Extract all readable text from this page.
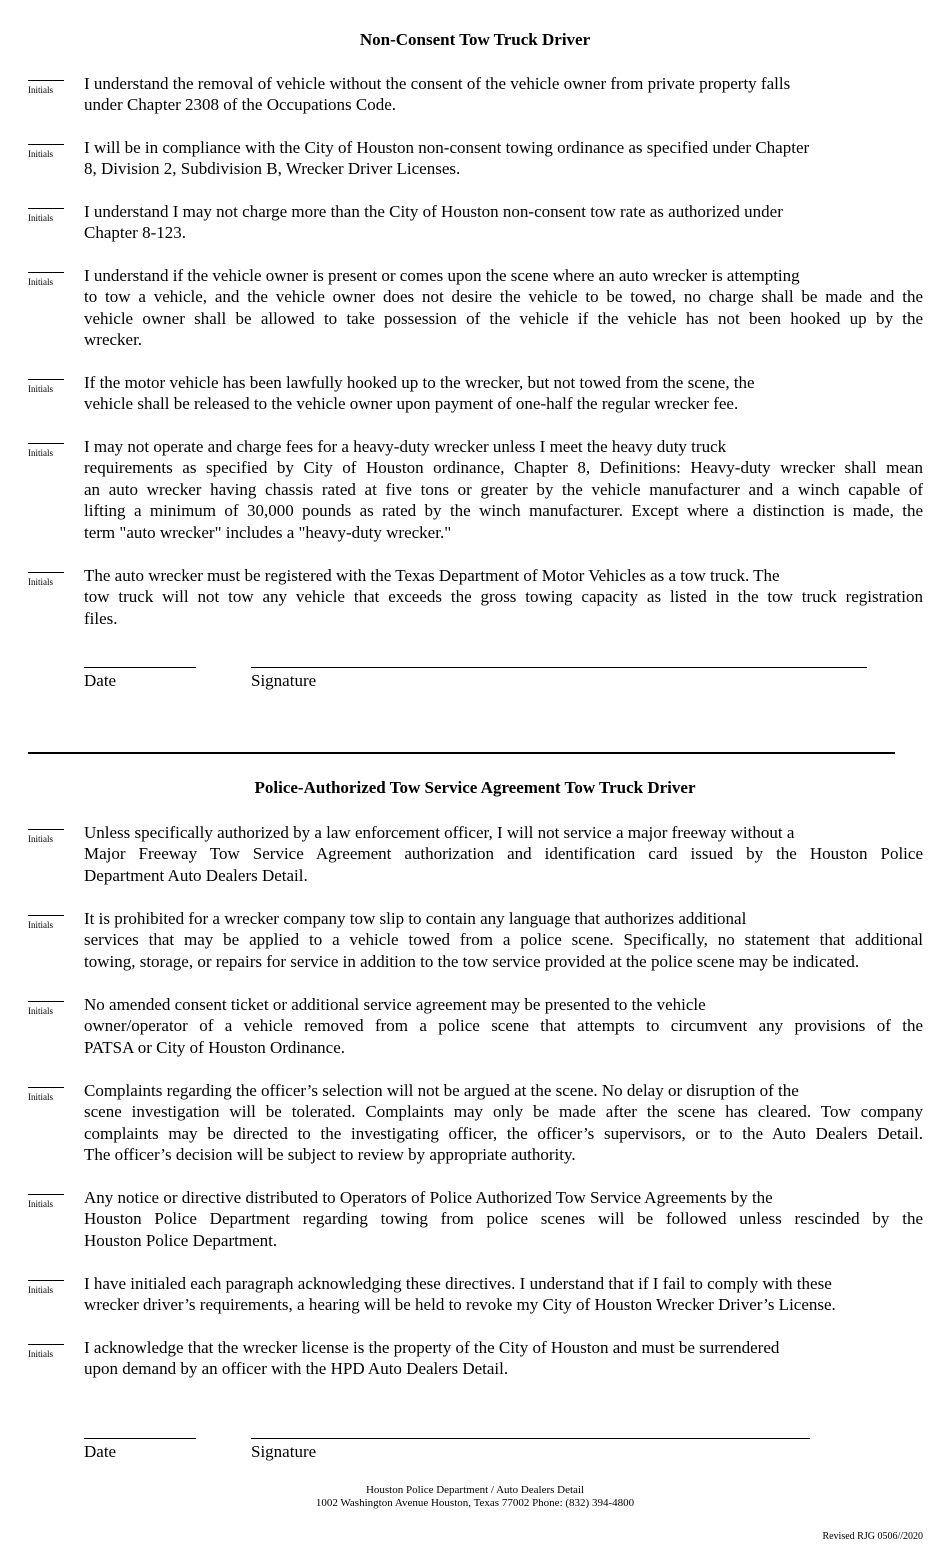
Non-Consent Tow Truck Driver
Initials I understand the removal of vehicle without the consent of the vehicle owner from private property falls
under Chapter 2308 of the Occupations Code.
Initials I will be in compliance with the City of Houston non-consent towing ordinance as specified under Chapter
8, Division 2, Subdivision B, Wrecker Driver Licenses.
Initials I understand I may not charge more than the City of Houston non-consent tow rate as authorized under
Chapter 8-123.
Initials I understand if the vehicle owner is present or comes upon the scene where an auto wrecker is attempting
to tow a vehicle, and the vehicle owner does not desire the vehicle to be towed, no charge shall be made and the
vehicle owner shall be allowed to take possession of the vehicle if the vehicle has not been hooked up by the
wrecker.
Initials If the motor vehicle has been lawfully hooked up to the wrecker, but not towed from the scene, the
vehicle shall be released to the vehicle owner upon payment of one-half the regular wrecker fee.
Initials I may not operate and charge fees for a heavy-duty wrecker unless I meet the heavy duty truck
requirements as specified by City of Houston ordinance, Chapter 8, Definitions: Heavy-duty wrecker shall mean
an auto wrecker having chassis rated at five tons or greater by the vehicle manufacturer and a winch capable of
lifting a minimum of 30,000 pounds as rated by the winch manufacturer. Except where a distinction is made, the
term "auto wrecker" includes a "heavy-duty wrecker."
Initials The auto wrecker must be registered with the Texas Department of Motor Vehicles as a tow truck. The
tow truck will not tow any vehicle that exceeds the gross towing capacity as listed in the tow truck registration
files.
Date	Signature
Police-Authorized Tow Service Agreement Tow Truck Driver
Initials Unless specifically authorized by a law enforcement officer, I will not service a major freeway without a
Major Freeway Tow Service Agreement authorization and identification card issued by the Houston Police
Department Auto Dealers Detail.
Initials It is prohibited for a wrecker company tow slip to contain any language that authorizes additional
services that may be applied to a vehicle towed from a police scene. Specifically, no statement that additional
towing, storage, or repairs for service in addition to the tow service provided at the police scene may be indicated.
Initials No amended consent ticket or additional service agreement may be presented to the vehicle
owner/operator of a vehicle removed from a police scene that attempts to circumvent any provisions of the
PATSA or City of Houston Ordinance.
Initials Complaints regarding the officer’s selection will not be argued at the scene. No delay or disruption of the
scene investigation will be tolerated. Complaints may only be made after the scene has cleared. Tow company
complaints may be directed to the investigating officer, the officer’s supervisors, or to the Auto Dealers Detail.
The officer’s decision will be subject to review by appropriate authority.
Initials Any notice or directive distributed to Operators of Police Authorized Tow Service Agreements by the
Houston Police Department regarding towing from police scenes will be followed unless rescinded by the
Houston Police Department.
Initials I have initialed each paragraph acknowledging these directives. I understand that if I fail to comply with these
wrecker driver’s requirements, a hearing will be held to revoke my City of Houston Wrecker Driver’s License.
Initials I acknowledge that the wrecker license is the property of the City of Houston and must be surrendered
upon demand by an officer with the HPD Auto Dealers Detail.
Date	Signature
Houston Police Department / Auto Dealers Detail
1002 Washington Avenue Houston, Texas 77002 Phone: (832) 394-4800
Revised RJG 0506//2020
